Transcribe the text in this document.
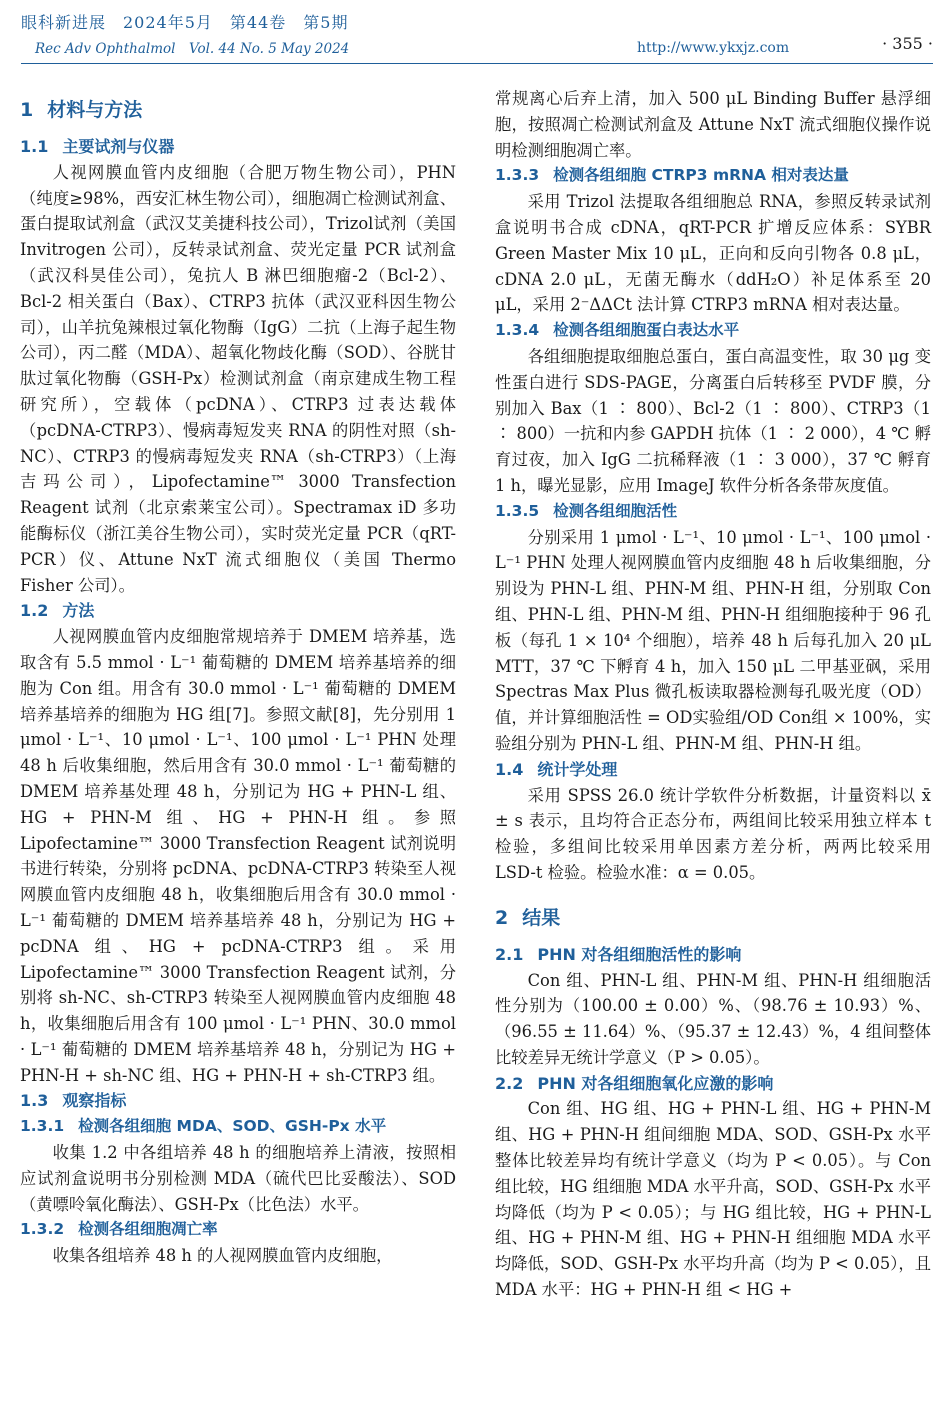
眼科新进展　2024年5月　第44卷　第5期
Rec Adv Ophthalmol　Vol. 44 No. 5 May 2024	http://www.ykxjz.com	· 355 ·
1 材料与方法
1.1 主要试剂与仪器

人视网膜血管内皮细胞（合肥万物生物公司），PHN（纯度≥98%，西安汇林生物公司），细胞凋亡检测试剂盒、蛋白提取试剂盒（武汉艾美捷科技公司），Trizol试剂（美国 Invitrogen 公司），反转录试剂盒、荧光定量 PCR 试剂盒（武汉科昊佳公司），兔抗人 B 淋巴细胞瘤-2（Bcl-2）、Bcl-2 相关蛋白（Bax）、CTRP3 抗体（武汉亚科因生物公司），山羊抗兔辣根过氧化物酶（IgG）二抗（上海子起生物公司），丙二醛（MDA）、超氧化物歧化酶（SOD）、谷胱甘肽过氧化物酶（GSH-Px）检测试剂盒（南京建成生物工程研究所），空载体（pcDNA）、CTRP3 过表达载体（pcDNA-CTRP3）、慢病毒短发夹 RNA 的阴性对照（sh-NC）、CTRP3 的慢病毒短发夹 RNA（sh-CTRP3）（上海吉玛公司），Lipofectamine™ 3000 Transfection Reagent 试剂（北京索莱宝公司）。Spectramax iD 多功能酶标仪（浙江美谷生物公司），实时荧光定量 PCR（qRT-PCR）仪、Attune NxT 流式细胞仪（美国 Thermo Fisher 公司）。

1.2 方法

人视网膜血管内皮细胞常规培养于 DMEM 培养基，选取含有 5.5 mmol · L⁻¹ 葡萄糖的 DMEM 培养基培养的细胞为 Con 组。用含有 30.0 mmol · L⁻¹ 葡萄糖的 DMEM 培养基培养的细胞为 HG 组[7]。参照文献[8]，先分别用 1 μmol · L⁻¹、10 μmol · L⁻¹、100 μmol · L⁻¹ PHN 处理 48 h 后收集细胞，然后用含有 30.0 mmol · L⁻¹ 葡萄糖的 DMEM 培养基处理 48 h，分别记为 HG + PHN-L 组、HG + PHN-M 组、HG + PHN-H 组。参照 Lipofectamine™ 3000 Transfection Reagent 试剂说明书进行转染，分别将 pcDNA、pcDNA-CTRP3 转染至人视网膜血管内皮细胞 48 h，收集细胞后用含有 30.0 mmol · L⁻¹ 葡萄糖的 DMEM 培养基培养 48 h，分别记为 HG + pcDNA 组、HG + pcDNA-CTRP3 组。采用 Lipofectamine™ 3000 Transfection Reagent 试剂，分别将 sh-NC、sh-CTRP3 转染至人视网膜血管内皮细胞 48 h，收集细胞后用含有 100 μmol · L⁻¹ PHN、30.0 mmol · L⁻¹ 葡萄糖的 DMEM 培养基培养 48 h，分别记为 HG + PHN-H + sh-NC 组、HG + PHN-H + sh-CTRP3 组。

1.3 观察指标
1.3.1 检测各组细胞 MDA、SOD、GSH-Px 水平

收集 1.2 中各组培养 48 h 的细胞培养上清液，按照相应试剂盒说明书分别检测 MDA（硫代巴比妥酸法）、SOD（黄嘌呤氧化酶法）、GSH-Px（比色法）水平。

1.3.2 检测各组细胞凋亡率

收集各组培养 48 h 的人视网膜血管内皮细胞，

常规离心后弃上清，加入 500 μL Binding Buffer 悬浮细胞，按照凋亡检测试剂盒及 Attune NxT 流式细胞仪操作说明检测细胞凋亡率。

1.3.3 检测各组细胞 CTRP3 mRNA 相对表达量

采用 Trizol 法提取各组细胞总 RNA，参照反转录试剂盒说明书合成 cDNA，qRT-PCR 扩增反应体系：SYBR Green Master Mix 10 μL，正向和反向引物各 0.8 μL，cDNA 2.0 μL，无菌无酶水（ddH₂O）补足体系至 20 μL，采用 2⁻ΔΔCt 法计算 CTRP3 mRNA 相对表达量。

1.3.4 检测各组细胞蛋白表达水平

各组细胞提取细胞总蛋白，蛋白高温变性，取 30 μg 变性蛋白进行 SDS-PAGE，分离蛋白后转移至 PVDF 膜，分别加入 Bax（1 ∶ 800）、Bcl-2（1 ∶ 800）、CTRP3（1 ∶ 800）一抗和内参 GAPDH 抗体（1 ∶ 2 000），4 ℃ 孵育过夜，加入 IgG 二抗稀释液（1 ∶ 3 000），37 ℃ 孵育 1 h，曝光显影，应用 ImageJ 软件分析各条带灰度值。

1.3.5 检测各组细胞活性

分别采用 1 μmol · L⁻¹、10 μmol · L⁻¹、100 μmol · L⁻¹ PHN 处理人视网膜血管内皮细胞 48 h 后收集细胞，分别设为 PHN-L 组、PHN-M 组、PHN-H 组，分别取 Con 组、PHN-L 组、PHN-M 组、PHN-H 组细胞接种于 96 孔板（每孔 1 × 10⁴ 个细胞），培养 48 h 后每孔加入 20 μL MTT，37 ℃ 下孵育 4 h，加入 150 μL 二甲基亚砜，采用 Spectras Max Plus 微孔板读取器检测每孔吸光度（OD）值，并计算细胞活性 = OD实验组/OD Con组 × 100%，实验组分别为 PHN-L 组、PHN-M 组、PHN-H 组。

1.4 统计学处理

采用 SPSS 26.0 统计学软件分析数据，计量资料以 x̄ ± s 表示，且均符合正态分布，两组间比较采用独立样本 t 检验，多组间比较采用单因素方差分析，两两比较采用 LSD-t 检验。检验水准：α = 0.05。

2 结果
2.1 PHN 对各组细胞活性的影响

Con 组、PHN-L 组、PHN-M 组、PHN-H 组细胞活性分别为（100.00 ± 0.00）%、（98.76 ± 10.93）%、（96.55 ± 11.64）%、（95.37 ± 12.43）%，4 组间整体比较差异无统计学意义（P > 0.05）。

2.2 PHN 对各组细胞氧化应激的影响

Con 组、HG 组、HG + PHN-L 组、HG + PHN-M 组、HG + PHN-H 组间细胞 MDA、SOD、GSH-Px 水平整体比较差异均有统计学意义（均为 P < 0.05）。与 Con 组比较，HG 组细胞 MDA 水平升高，SOD、GSH-Px 水平均降低（均为 P < 0.05）；与 HG 组比较，HG + PHN-L 组、HG + PHN-M 组、HG + PHN-H 组细胞 MDA 水平均降低，SOD、GSH-Px 水平均升高（均为 P < 0.05），且 MDA 水平：HG + PHN-H 组 < HG +
